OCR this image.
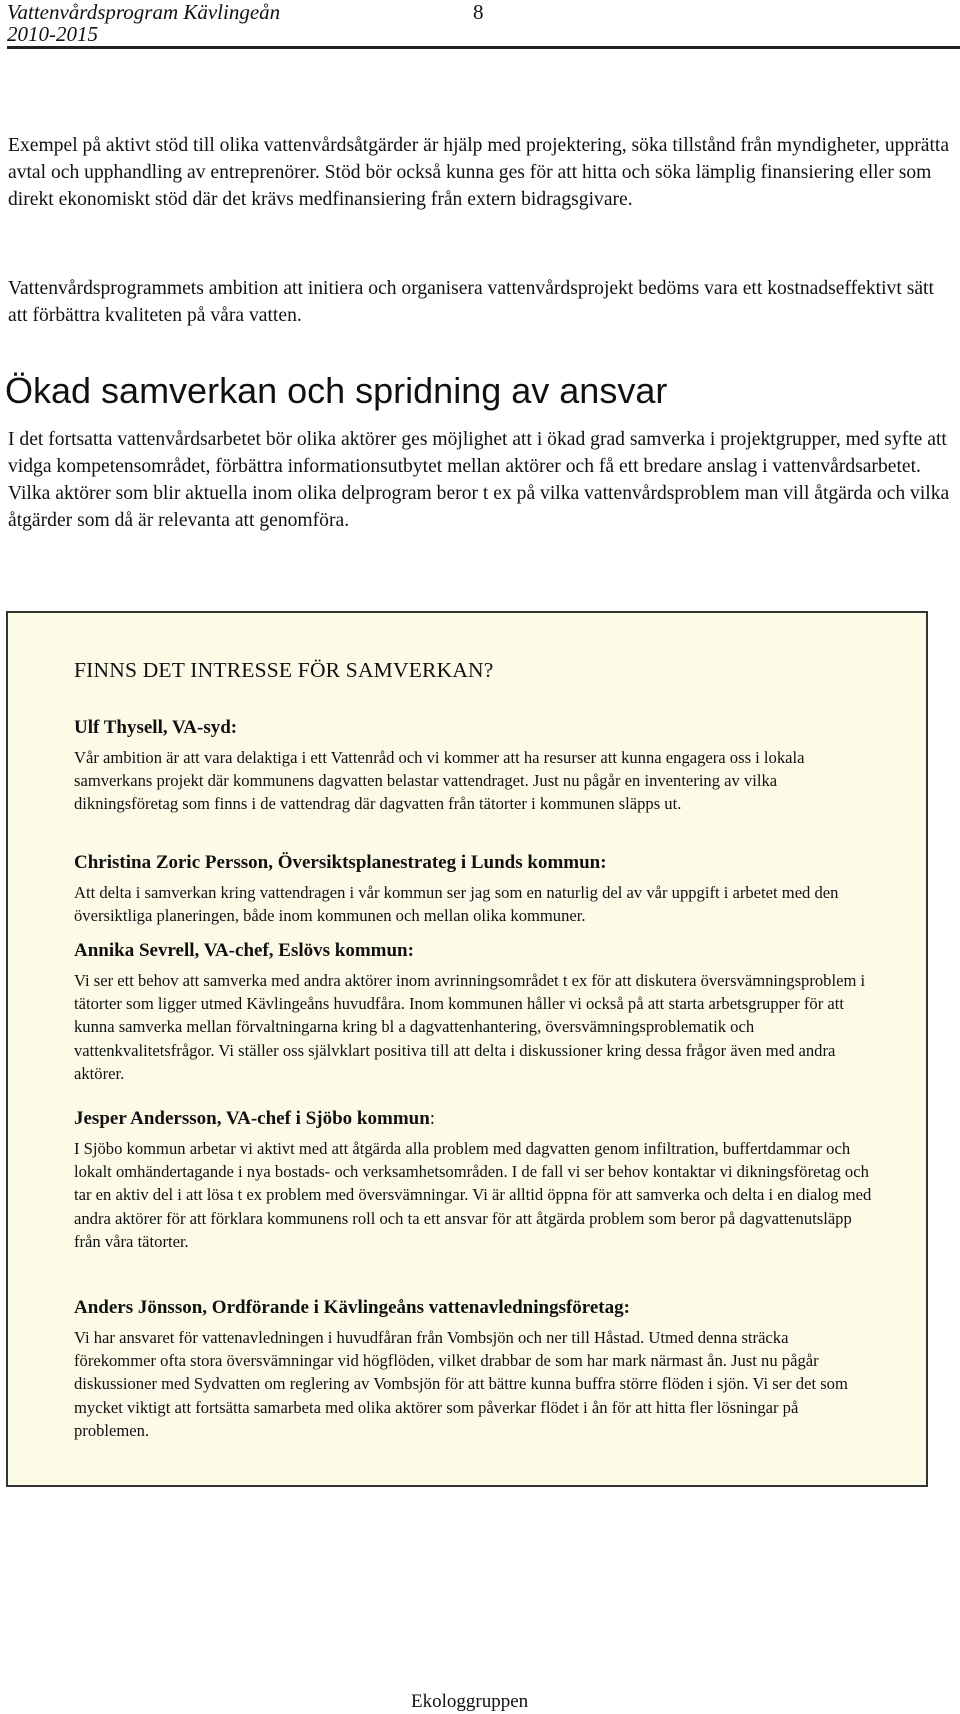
Vattenvårdsprogram Kävlingeån
2010-2015
8

Exempel på aktivt stöd till olika vattenvårdsåtgärder är hjälp med projektering, söka tillstånd från myndigheter, upprätta avtal och upphandling av entreprenörer. Stöd bör också kunna ges för att hitta och söka lämplig finansiering eller som direkt ekonomiskt stöd där det krävs medfinansiering från extern bidragsgivare.

Vattenvårdsprogrammets ambition att initiera och organisera vattenvårdsprojekt bedöms vara ett kostnadseffektivt sätt att förbättra kvaliteten på våra vatten.

Ökad samverkan och spridning av ansvar

I det fortsatta vattenvårdsarbetet bör olika aktörer ges möjlighet att i ökad grad samverka i projektgrupper, med syfte att vidga kompetensområdet, förbättra informationsutbytet mellan aktörer och få ett bredare anslag i vattenvårdsarbetet. Vilka aktörer som blir aktuella inom olika delprogram beror t ex på vilka vattenvårdsproblem man vill åtgärda och vilka åtgärder som då är relevanta att genomföra.

FINNS DET INTRESSE FÖR SAMVERKAN?
Ulf Thysell, VA-syd:

Vår ambition är att vara delaktiga i ett Vattenråd och vi kommer att ha resurser att kunna engagera oss i lokala samverkans projekt där kommunens dagvatten belastar vattendraget. Just nu pågår en inventering av vilka dikningsföretag som finns i de vattendrag där dagvatten från tätorter i kommunen släpps ut.

Christina Zoric Persson, Översiktsplanestrateg i Lunds kommun:

Att delta i samverkan kring vattendragen i vår kommun ser jag som en naturlig del av vår uppgift i arbetet med den översiktliga planeringen, både inom kommunen och mellan olika kommuner.

Annika Sevrell, VA-chef, Eslövs kommun:

Vi ser ett behov att samverka med andra aktörer inom avrinningsområdet t ex för att diskutera översvämningsproblem i tätorter som ligger utmed Kävlingeåns huvudfåra. Inom kommunen håller vi också på att starta arbetsgrupper för att kunna samverka mellan förvaltningarna kring bl a dagvattenhantering, översvämningsproblematik och vattenkvalitetsfrågor. Vi ställer oss självklart positiva till att delta i diskussioner kring dessa frågor även med andra aktörer.

Jesper Andersson, VA-chef i Sjöbo kommun:

I Sjöbo kommun arbetar vi aktivt med att åtgärda alla problem med dagvatten genom infiltration, buffertdammar och lokalt omhändertagande i nya bostads- och verksamhetsområden. I de fall vi ser behov kontaktar vi dikningsföretag och tar en aktiv del i att lösa t ex problem med översvämningar. Vi är alltid öppna för att samverka och delta i en dialog med andra aktörer för att förklara kommunens roll och ta ett ansvar för att åtgärda problem som beror på dagvattenutsläpp från våra tätorter.

Anders Jönsson, Ordförande i Kävlingeåns vattenavledningsföretag:

Vi har ansvaret för vattenavledningen i huvudfåran från Vombsjön och ner till Håstad. Utmed denna sträcka förekommer ofta stora översvämningar vid högflöden, vilket drabbar de som har mark närmast ån. Just nu pågår diskussioner med Sydvatten om reglering av Vombsjön för att bättre kunna buffra större flöden i sjön. Vi ser det som mycket viktigt att fortsätta samarbeta med olika aktörer som påverkar flödet i ån för att hitta fler lösningar på problemen.

Ekologgruppen
